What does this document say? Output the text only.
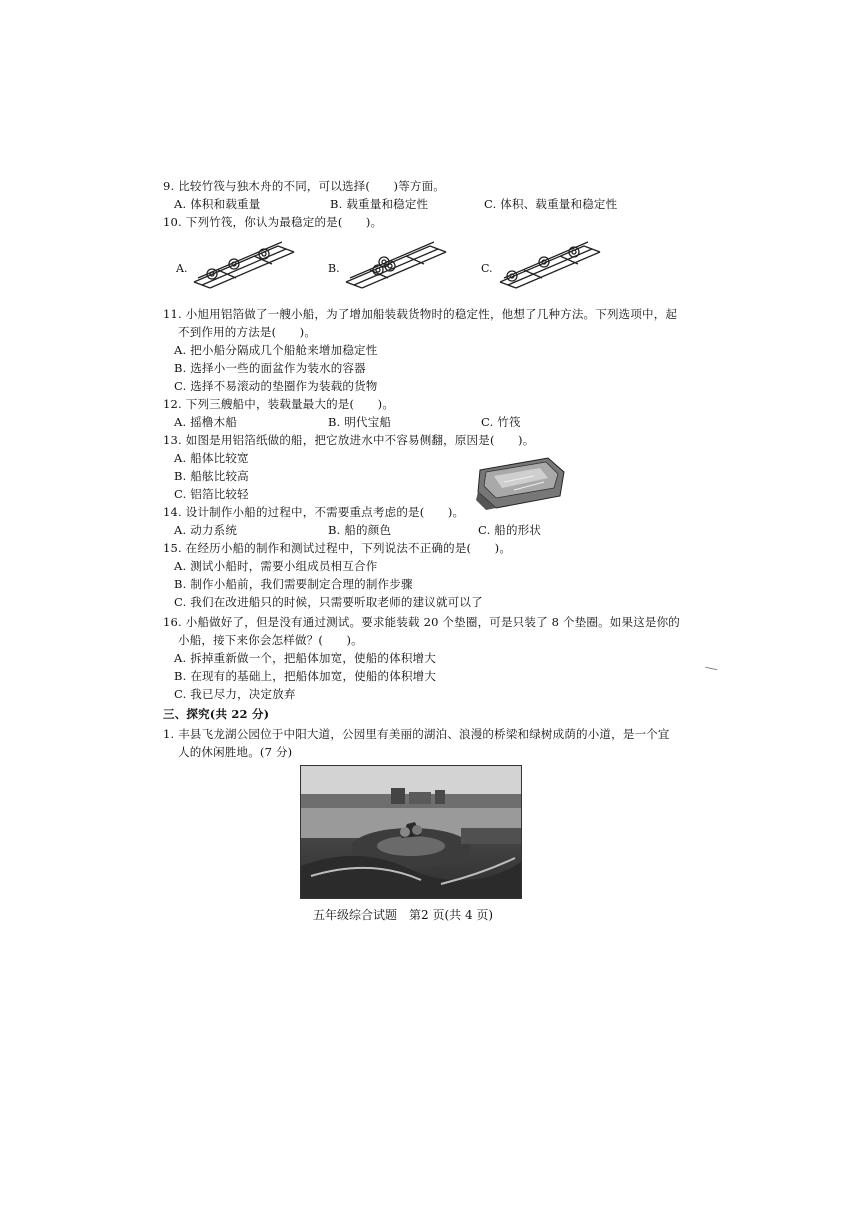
9. 比较竹筏与独木舟的不同，可以选择(　　)等方面。
A. 体积和载重量	B. 载重量和稳定性	C. 体积、载重量和稳定性
10. 下列竹筏，你认为最稳定的是(　　)。
A.	B.	C.
11. 小旭用铝箔做了一艘小船，为了增加船装载货物时的稳定性，他想了几种方法。下列选项中，起
不到作用的方法是(　　)。
A. 把小船分隔成几个船舱来增加稳定性
B. 选择小一些的面盆作为装水的容器
C. 选择不易滚动的垫圈作为装载的货物
12. 下列三艘船中，装载量最大的是(　　)。
A. 摇橹木船	B. 明代宝船	C. 竹筏
13. 如图是用铝箔纸做的船，把它放进水中不容易侧翻，原因是(　　)。
A. 船体比较宽
B. 船舷比较高
C. 铝箔比较轻
14. 设计制作小船的过程中，不需要重点考虑的是(　　)。
A. 动力系统	B. 船的颜色	C. 船的形状
15. 在经历小船的制作和测试过程中，下列说法不正确的是(　　)。
A. 测试小船时，需要小组成员相互合作
B. 制作小船前，我们需要制定合理的制作步骤
C. 我们在改进船只的时候，只需要听取老师的建议就可以了
16. 小船做好了，但是没有通过测试。要求能装载 20 个垫圈，可是只装了 8 个垫圈。如果这是你的
小船，接下来你会怎样做？(　　)。
A. 拆掉重新做一个，把船体加宽，使船的体积增大
B. 在现有的基础上，把船体加宽，使船的体积增大
C. 我已尽力，决定放弃
三、探究(共 22 分)
1. 丰县飞龙湖公园位于中阳大道，公园里有美丽的湖泊、浪漫的桥梁和绿树成荫的小道，是一个宜
人的休闲胜地。(7 分)
五年级综合试题　第2 页(共 4 页)
